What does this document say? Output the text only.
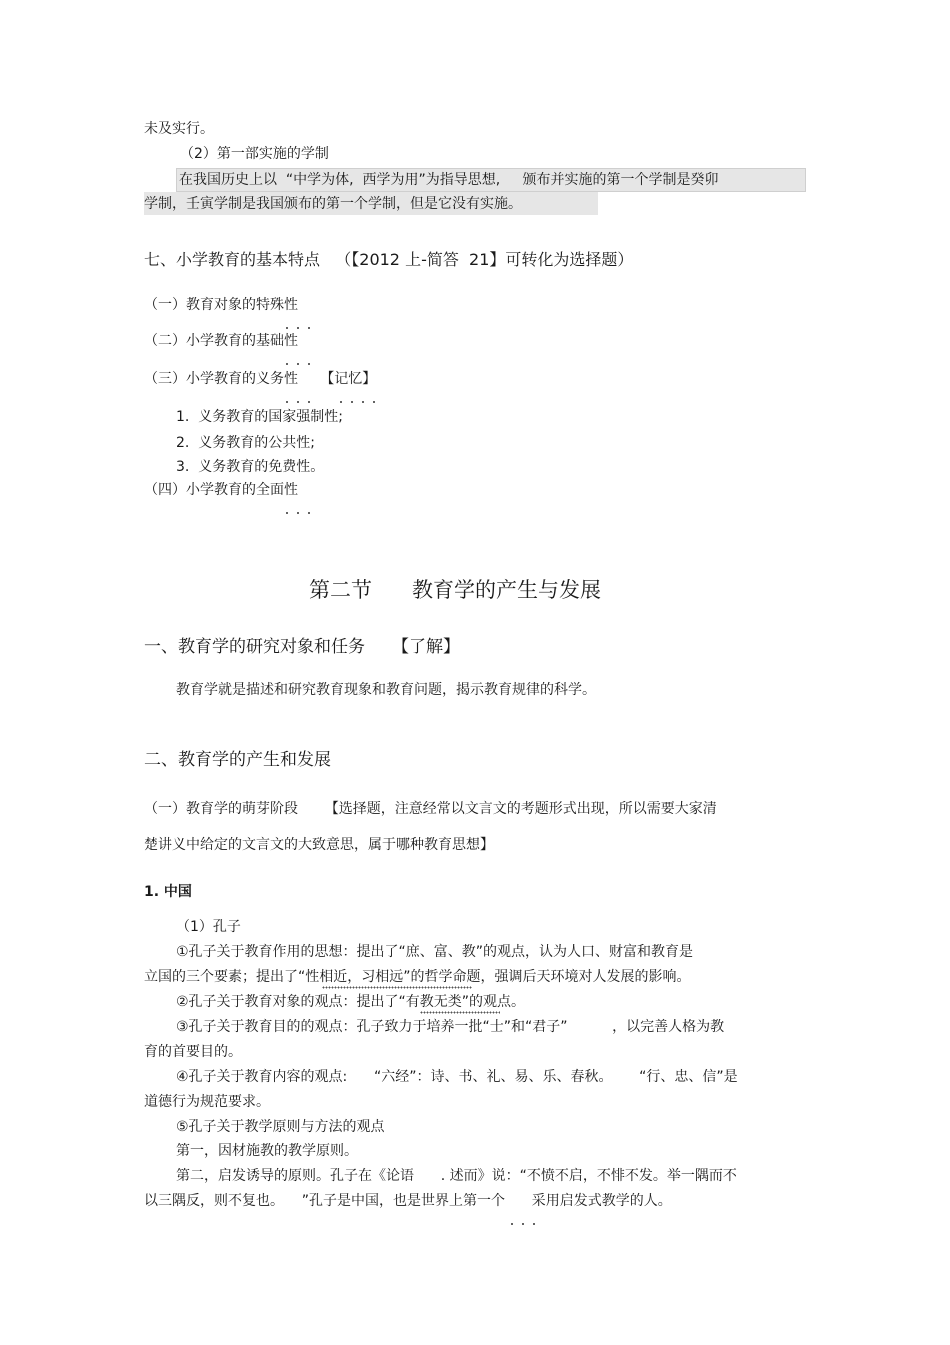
未及实行。
（2）第一部实施的学制
在我国历史上以  “中学为体,  西学为用”为指导思想,     颁布并实施的第一个学制是癸卯
学制，壬寅学制是我国颁布的第一个学制，但是它没有实施。
七、小学教育的基本特点   （【2012 上-简答  21】可转化为选择题）
（一）教育对象的特殊性
（二）小学教育的基础性
（三）小学教育的义务性     【记忆】
1.  义务教育的国家强制性;
2.  义务教育的公共性;
3.  义务教育的免费性。
（四）小学教育的全面性
第二节      教育学的产生与发展
一、教育学的研究对象和任务     【了解】
教育学就是描述和研究教育现象和教育问题，揭示教育规律的科学。
二、教育学的产生和发展
（一）教育学的萌芽阶段      【选择题，注意经常以文言文的考题形式出现，所以需要大家清
楚讲义中给定的文言文的大致意思，属于哪种教育思想】
1. 中国
（1）孔子
①孔子关于教育作用的思想：提出了“庶、富、教”的观点，认为人口、财富和教育是
立国的三个要素；提出了“性相近，习相远”的哲学命题，强调后天环境对人发展的影响。
②孔子关于教育对象的观点：提出了“有教无类”的观点。
③孔子关于教育目的的观点：孔子致力于培养一批“士”和“君子”          ，以完善人格为教
育的首要目的。
④孔子关于教育内容的观点:      “六经”：诗、书、礼、易、乐、春秋。      “行、忠、信”是
道德行为规范要求。
⑤孔子关于教学原则与方法的观点
第一，因材施教的教学原则。
第二，启发诱导的原则。孔子在《论语      . 述而》说：“不愤不启，不悱不发。举一隅而不
以三隅反，则不复也。    ”孔子是中国，也是世界上第一个      采用启发式教学的人。
